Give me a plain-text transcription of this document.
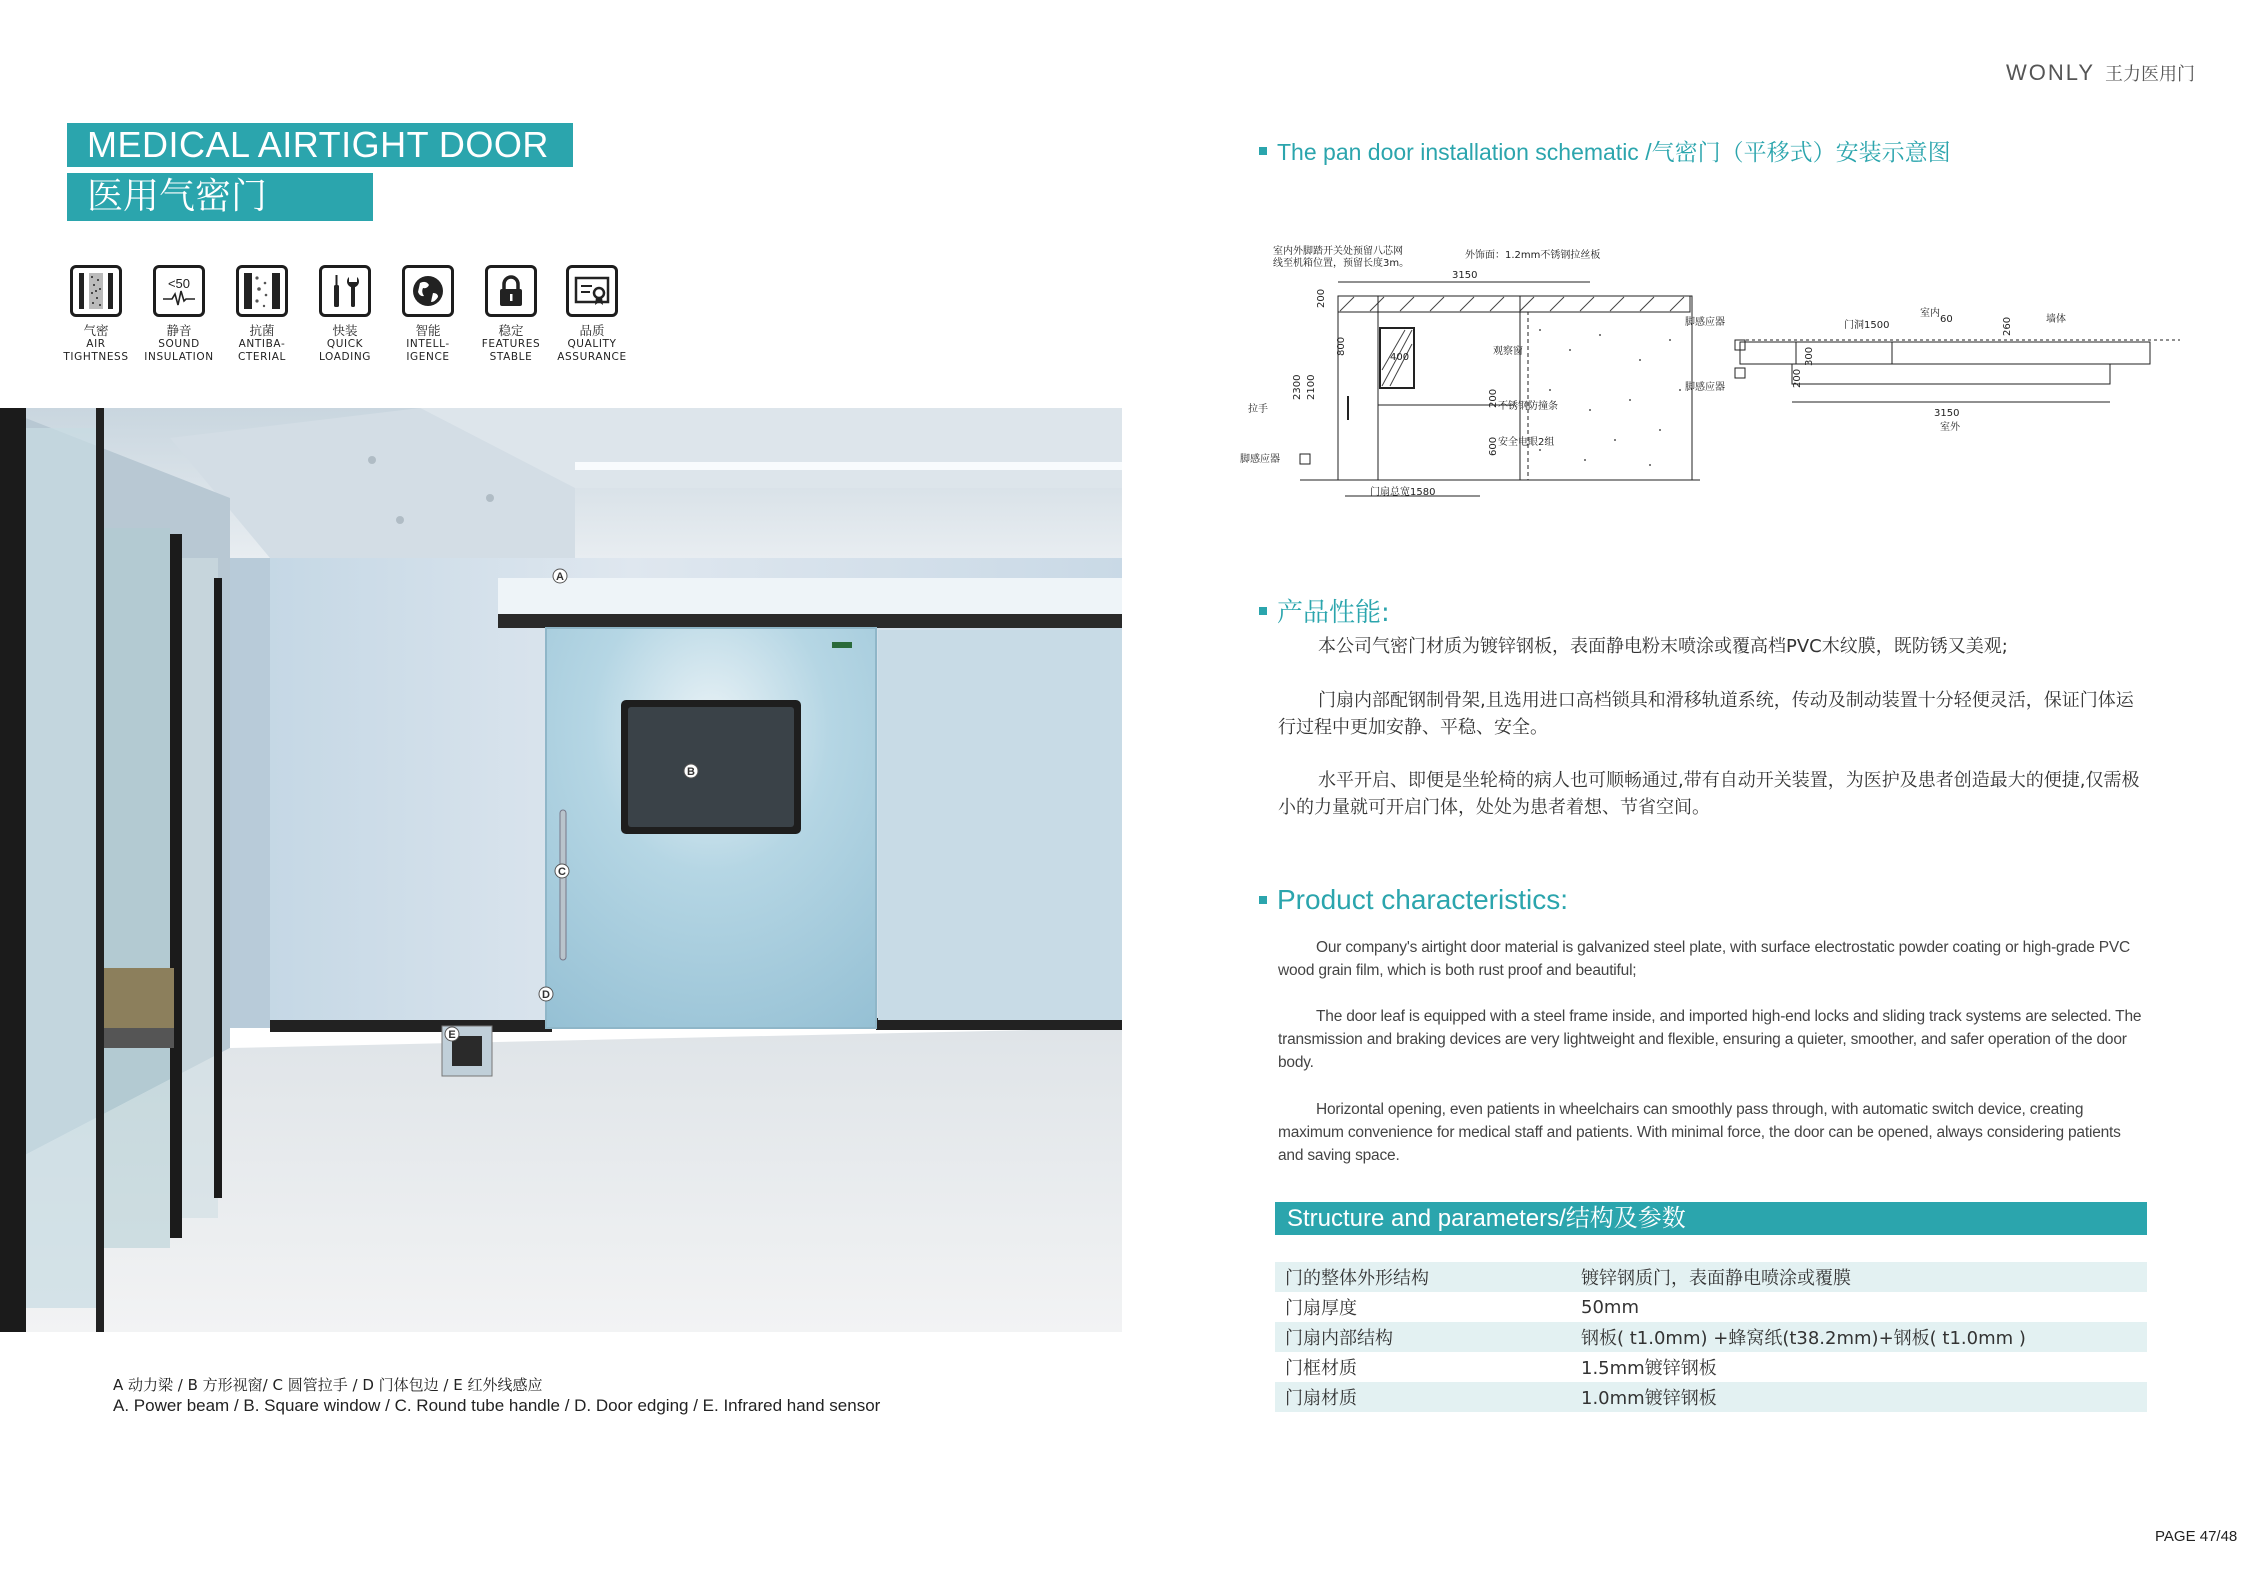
MEDICAL AIRTIGHT DOOR
医用气密门
气密
AIR
TIGHTNESS
<50
静音
SOUND
INSULATION
抗菌
ANTIBA-
CTERIAL
快装
QUICK
LOADING
智能
INTELL-
IGENCE
稳定
FEATURES
STABLE
品质
QUALITY
ASSURANCE
A
B
C
D
E
A 动力梁 / B 方形视窗/ C 圆管拉手 / D 门体包边 / E 红外线感应
A. Power beam / B. Square window / C. Round tube handle / D. Door edging / E. Infrared hand sensor
WONLY 王力医用门
The pan door installation schematic /气密门（平移式）安装示意图
室内外脚踏开关处预留八芯网
线至机箱位置，预留长度3m。
外饰面：1.2mm不锈钢拉丝板
3150
800
400
观察窗
200
2300 2100	200
600
拉手
脚感应器
不锈钢防撞条
安全电眼2组
门扇总宽1580
脚感应器
脚感应器
室内
室外
墙体
门洞1500
60	260
300
200
3150
产品性能:
本公司气密门材质为镀锌钢板，表面静电粉末喷涂或覆高档PVC木纹膜，既防锈又美观;
门扇内部配钢制骨架,且选用进口高档锁具和滑移轨道系统，传动及制动装置十分轻便灵活，保证门体运行过程中更加安静、平稳、安全。
水平开启、即便是坐轮椅的病人也可顺畅通过,带有自动开关装置，为医护及患者创造最大的便捷,仅需极小的力量就可开启门体，处处为患者着想、节省空间。
Product characteristics:
Our company's airtight door material is galvanized steel plate, with surface electrostatic powder coating or high-grade PVC wood grain film, which is both rust proof and beautiful;
The door leaf is equipped with a steel frame inside, and imported high-end locks and sliding track systems are selected. The transmission and braking devices are very lightweight and flexible, ensuring a quieter, smoother, and safer operation of the door body.
Horizontal opening, even patients in wheelchairs can smoothly pass through, with automatic switch device, creating maximum convenience for medical staff and patients. With minimal force, the door can be opened, always considering patients and saving space.
Structure and parameters/结构及参数
门的整体外形结构	镀锌钢质门，表面静电喷涂或覆膜
门扇厚度	50mm
门扇内部结构	钢板( t1.0mm) +蜂窝纸(t38.2mm)+钢板( t1.0mm )
门框材质	1.5mm镀锌钢板
门扇材质	1.0mm镀锌钢板
PAGE 47/48
